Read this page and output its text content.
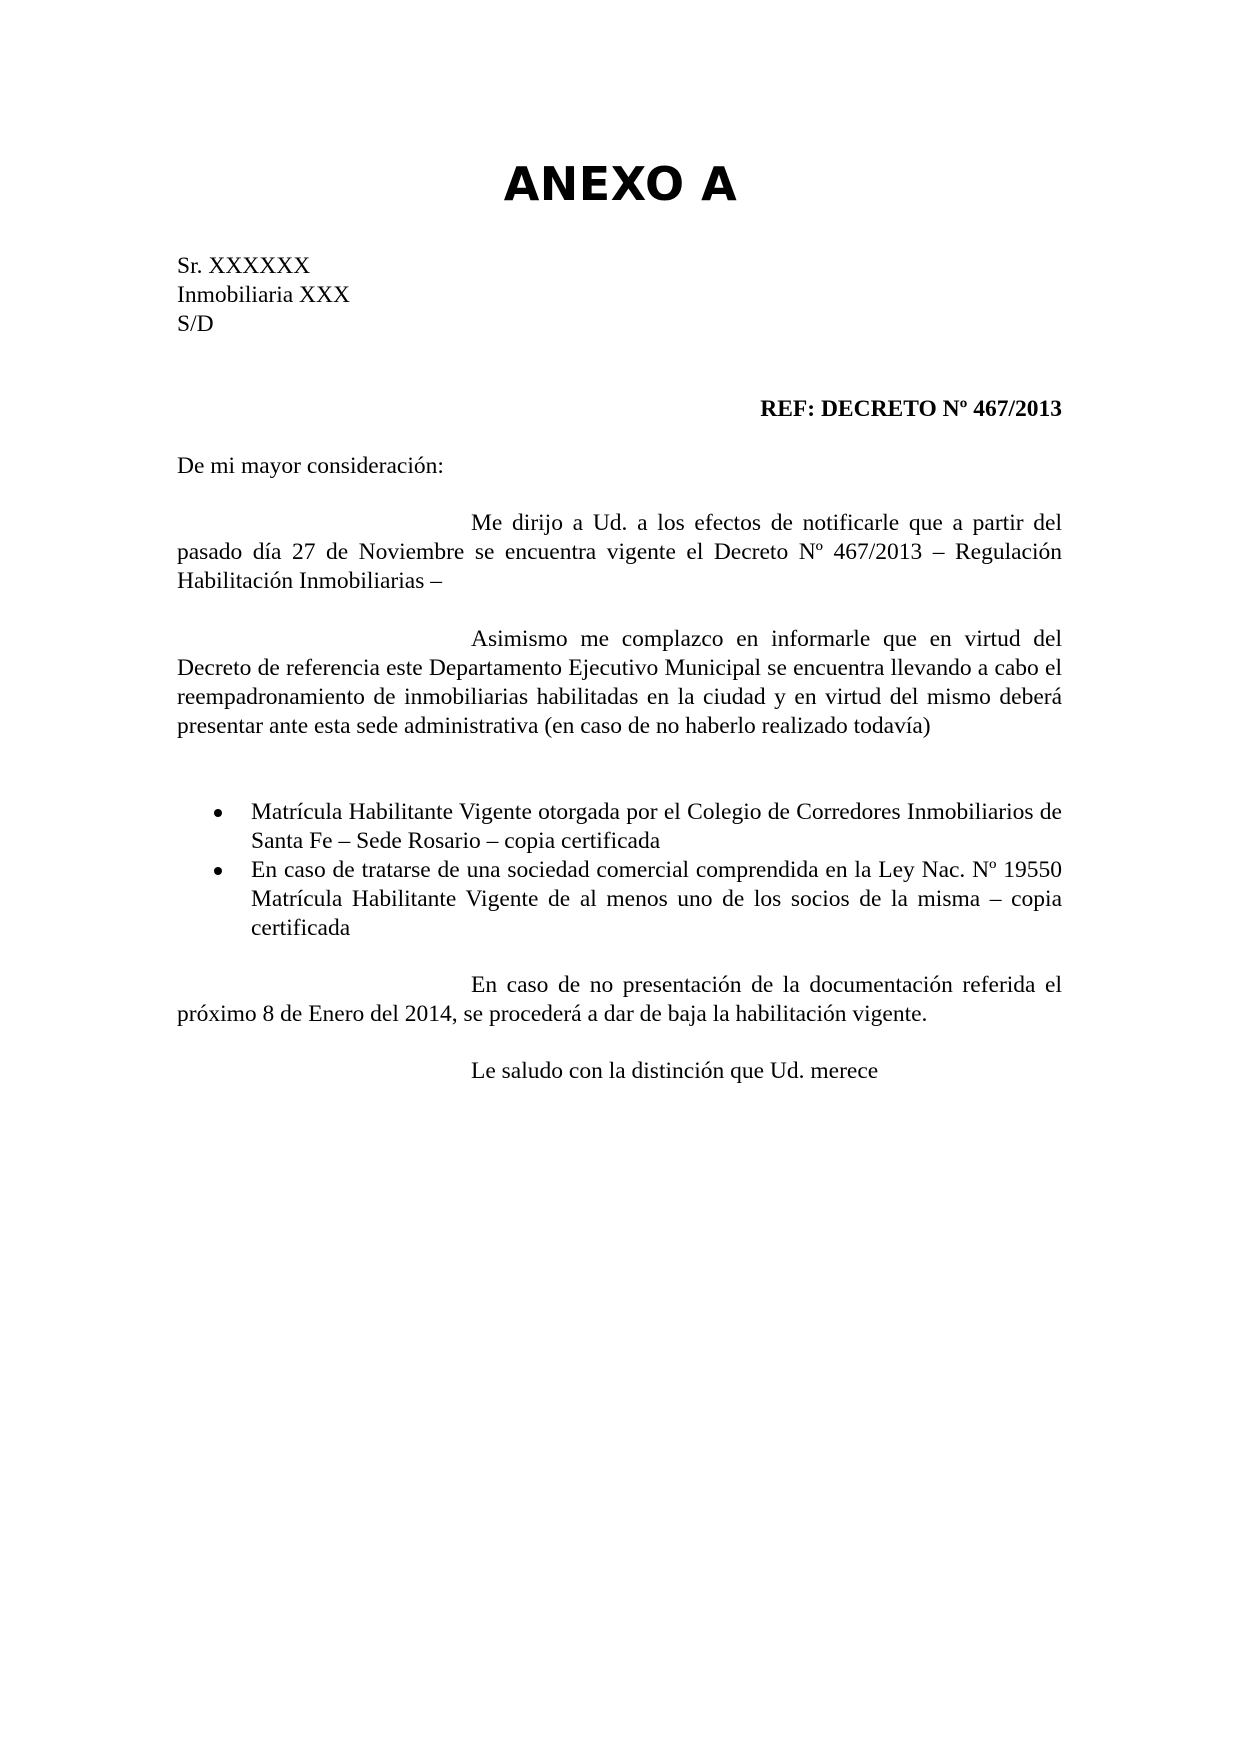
ANEXO A
Sr. XXXXXX
Inmobiliaria XXX
S/D
REF: DECRETO Nº 467/2013
De mi mayor consideración:

Me dirijo a Ud. a los efectos de notificarle que a partir del pasado día 27 de Noviembre se encuentra vigente el Decreto Nº 467/2013 – Regulación Habilitación Inmobiliarias –

Asimismo me complazco en informarle que en virtud del Decreto de referencia este Departamento Ejecutivo Municipal se encuentra llevando a cabo el reempadronamiento de inmobiliarias habilitadas en la ciudad y en virtud del mismo deberá presentar ante esta sede administrativa (en caso de no haberlo realizado todavía)

Matrícula Habilitante Vigente otorgada por el Colegio de Corredores Inmobiliarios de Santa Fe – Sede Rosario – copia certificada
En caso de tratarse de una sociedad comercial comprendida en la Ley Nac. Nº 19550 Matrícula Habilitante Vigente de al menos uno de los socios de la misma – copia certificada

En caso de no presentación de la documentación referida el próximo 8 de Enero del 2014, se procederá a dar de baja la habilitación vigente.

Le saludo con la distinción que Ud. merece
